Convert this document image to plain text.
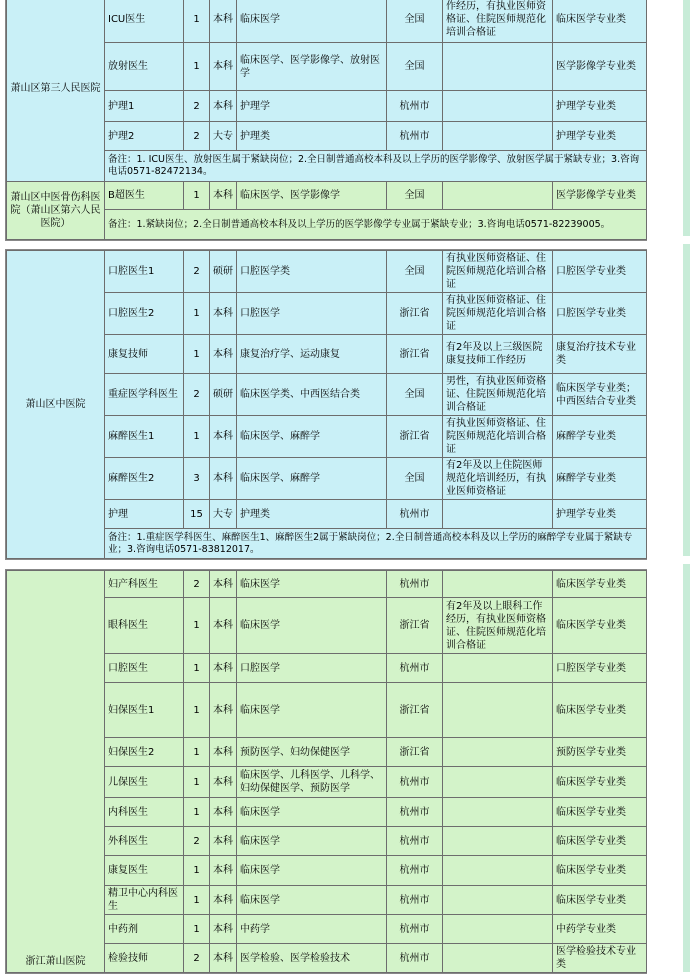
萧山区第三人民医院	ICU医生	1	本科	临床医学	全国	作经历，有执业医师资格证、住院医师规范化培训合格证	临床医学专业类
	放射医生	1	本科	临床医学、医学影像学、放射医学	全国		医学影像学专业类
	护理1	2	本科	护理学	杭州市		护理学专业类
	护理2	2	大专	护理类	杭州市		护理学专业类
	备注：1. ICU医生、放射医生属于紧缺岗位；2.全日制普通高校本科及以上学历的医学影像学、放射医学属于紧缺专业；3.咨询电话0571-82472134。						
萧山区中医骨伤科医院（萧山区第六人民医院）	B超医生	1	本科	临床医学、医学影像学	全国		医学影像学专业类
	备注：1.紧缺岗位；2.全日制普通高校本科及以上学历的医学影像学专业属于紧缺专业；3.咨询电话0571-82239005。						
萧山区中医院	口腔医生1	2	硕研	口腔医学类	全国	有执业医师资格证、住院医师规范化培训合格证	口腔医学专业类
	口腔医生2	1	本科	口腔医学	浙江省	有执业医师资格证、住院医师规范化培训合格证	口腔医学专业类
	康复技师	1	本科	康复治疗学、运动康复	浙江省	有2年及以上三级医院康复技师工作经历	康复治疗技术专业类
	重症医学科医生	2	硕研	临床医学类、中西医结合类	全国	男性，有执业医师资格证、住院医师规范化培训合格证	临床医学专业类；中西医结合专业类
	麻醉医生1	1	本科	临床医学、麻醉学	浙江省	有执业医师资格证、住院医师规范化培训合格证	麻醉学专业类
	麻醉医生2	3	本科	临床医学、麻醉学	全国	有2年及以上住院医师规范化培训经历，有执业医师资格证	麻醉学专业类
	护理	15	大专	护理类	杭州市		护理学专业类
	备注：1.重症医学科医生、麻醉医生1、麻醉医生2属于紧缺岗位；2.全日制普通高校本科及以上学历的麻醉学专业属于紧缺专业；3.咨询电话0571-83812017。						
浙江萧山医院	妇产科医生	2	本科	临床医学	杭州市		临床医学专业类
	眼科医生	1	本科	临床医学	浙江省	有2年及以上眼科工作经历，有执业医师资格证、住院医师规范化培训合格证	临床医学专业类
	口腔医生	1	本科	口腔医学	杭州市		口腔医学专业类
	妇保医生1	1	本科	临床医学	浙江省		临床医学专业类
	妇保医生2	1	本科	预防医学、妇幼保健医学	浙江省		预防医学专业类
	儿保医生	1	本科	临床医学、儿科医学、儿科学、妇幼保健医学、预防医学	杭州市		临床医学专业类
	内科医生	1	本科	临床医学	杭州市		临床医学专业类
	外科医生	2	本科	临床医学	杭州市		临床医学专业类
	康复医生	1	本科	临床医学	杭州市		临床医学专业类
	精卫中心内科医生	1	本科	临床医学	杭州市		临床医学专业类
	中药剂	1	本科	中药学	杭州市		中药学专业类
	检验技师	2	本科	医学检验、医学检验技术	杭州市		医学检验技术专业类
